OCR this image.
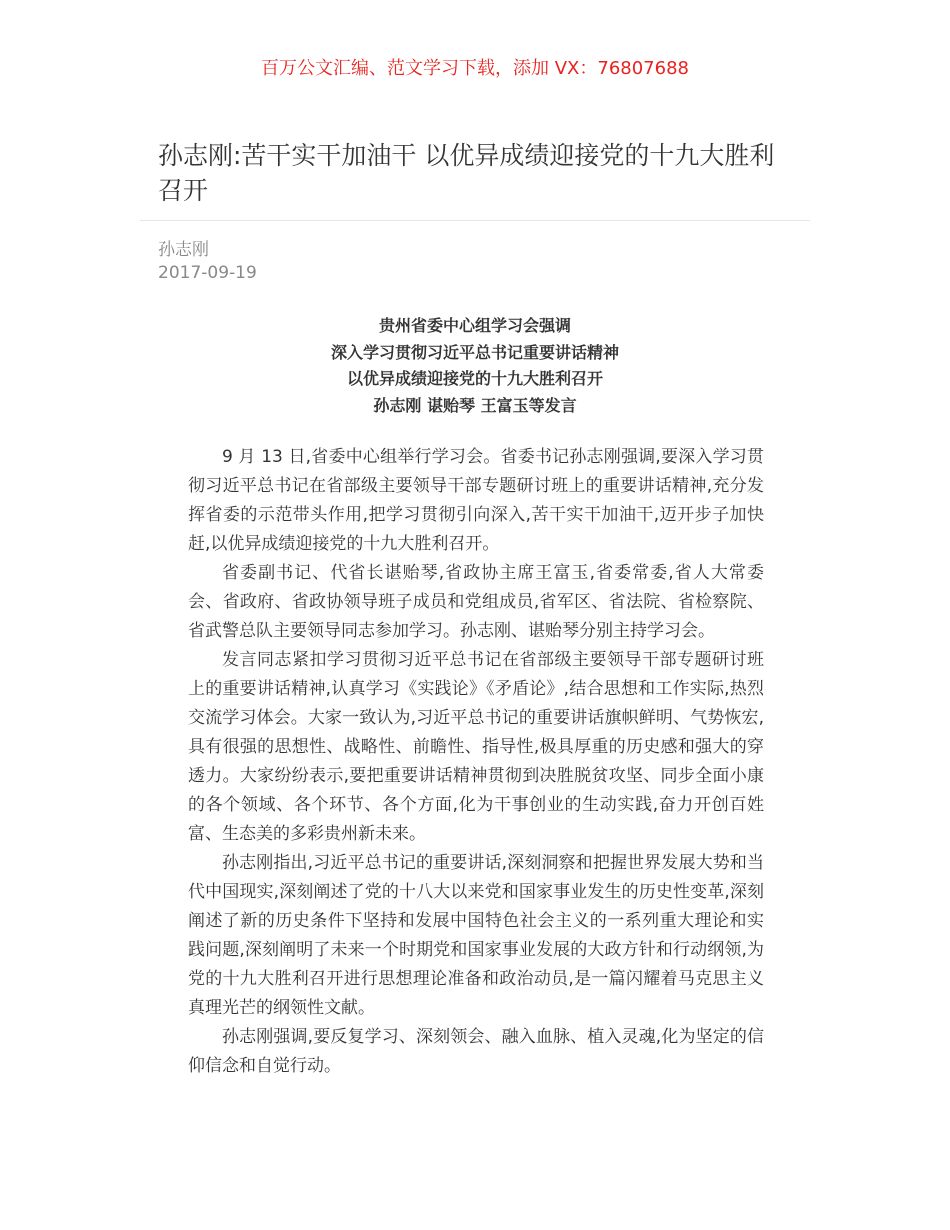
百万公文汇编、范文学习下载，添加 VX：76807688
孙志刚:苦干实干加油干 以优异成绩迎接党的十九大胜利召开
孙志刚
2017-09-19
贵州省委中心组学习会强调
深入学习贯彻习近平总书记重要讲话精神
以优异成绩迎接党的十九大胜利召开
孙志刚 谌贻琴 王富玉等发言

9 月 13 日,省委中心组举行学习会。省委书记孙志刚强调,要深入学习贯彻习近平总书记在省部级主要领导干部专题研讨班上的重要讲话精神,充分发挥省委的示范带头作用,把学习贯彻引向深入,苦干实干加油干,迈开步子加快赶,以优异成绩迎接党的十九大胜利召开。

省委副书记、代省长谌贻琴,省政协主席王富玉,省委常委,省人大常委会、省政府、省政协领导班子成员和党组成员,省军区、省法院、省检察院、省武警总队主要领导同志参加学习。孙志刚、谌贻琴分别主持学习会。

发言同志紧扣学习贯彻习近平总书记在省部级主要领导干部专题研讨班上的重要讲话精神,认真学习《实践论》《矛盾论》,结合思想和工作实际,热烈交流学习体会。大家一致认为,习近平总书记的重要讲话旗帜鲜明、气势恢宏,具有很强的思想性、战略性、前瞻性、指导性,极具厚重的历史感和强大的穿透力。大家纷纷表示,要把重要讲话精神贯彻到决胜脱贫攻坚、同步全面小康的各个领域、各个环节、各个方面,化为干事创业的生动实践,奋力开创百姓富、生态美的多彩贵州新未来。

孙志刚指出,习近平总书记的重要讲话,深刻洞察和把握世界发展大势和当代中国现实,深刻阐述了党的十八大以来党和国家事业发生的历史性变革,深刻阐述了新的历史条件下坚持和发展中国特色社会主义的一系列重大理论和实践问题,深刻阐明了未来一个时期党和国家事业发展的大政方针和行动纲领,为党的十九大胜利召开进行思想理论准备和政治动员,是一篇闪耀着马克思主义真理光芒的纲领性文献。

孙志刚强调,要反复学习、深刻领会、融入血脉、植入灵魂,化为坚定的信仰信念和自觉行动。
